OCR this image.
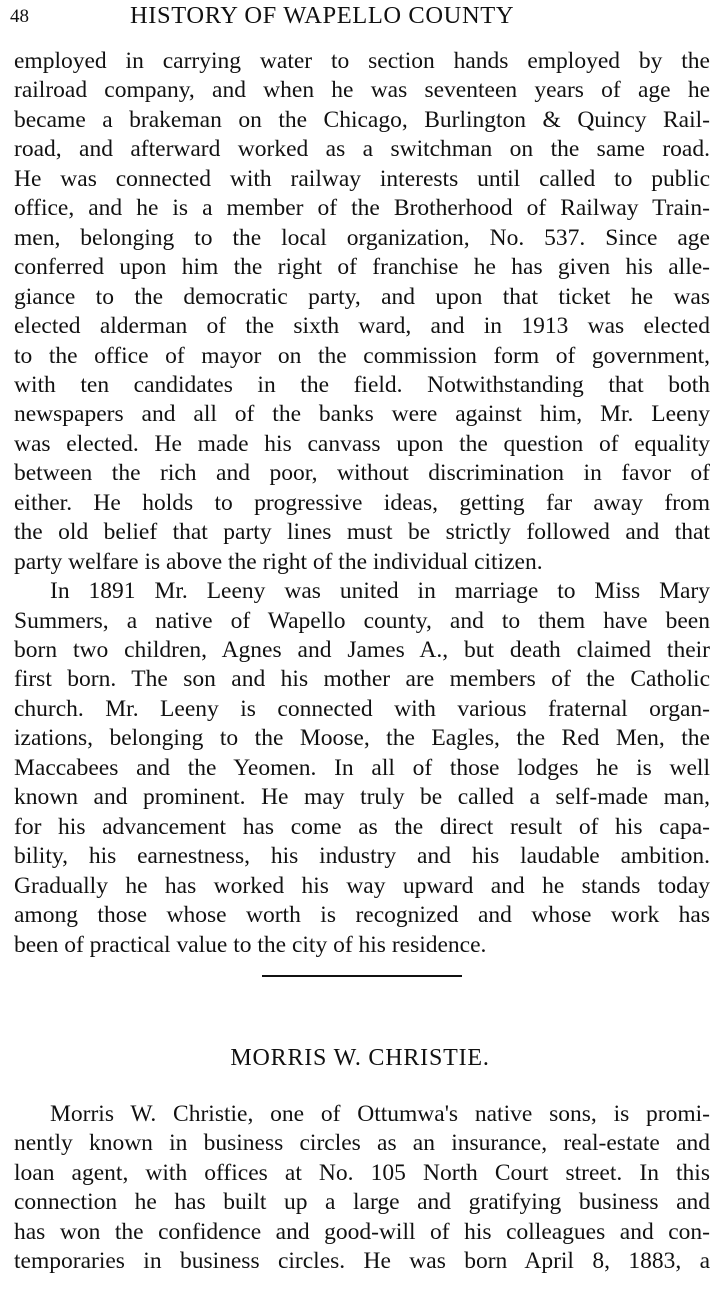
48	HISTORY OF WAPELLO COUNTY
employed in carrying water to section hands employed by the
railroad company, and when he was seventeen years of age he
became a brakeman on the Chicago, Burlington & Quincy Rail-
road, and afterward worked as a switchman on the same road.
He was connected with railway interests until called to public
office, and he is a member of the Brotherhood of Railway Train-
men, belonging to the local organization, No. 537. Since age
conferred upon him the right of franchise he has given his alle-
giance to the democratic party, and upon that ticket he was
elected alderman of the sixth ward, and in 1913 was elected
to the office of mayor on the commission form of government,
with ten candidates in the field. Notwithstanding that both
newspapers and all of the banks were against him, Mr. Leeny
was elected. He made his canvass upon the question of equality
between the rich and poor, without discrimination in favor of
either. He holds to progressive ideas, getting far away from
the old belief that party lines must be strictly followed and that
party welfare is above the right of the individual citizen.
In 1891 Mr. Leeny was united in marriage to Miss Mary
Summers, a native of Wapello county, and to them have been
born two children, Agnes and James A., but death claimed their
first born. The son and his mother are members of the Catholic
church. Mr. Leeny is connected with various fraternal organ-
izations, belonging to the Moose, the Eagles, the Red Men, the
Maccabees and the Yeomen. In all of those lodges he is well
known and prominent. He may truly be called a self-made man,
for his advancement has come as the direct result of his capa-
bility, his earnestness, his industry and his laudable ambition.
Gradually he has worked his way upward and he stands today
among those whose worth is recognized and whose work has
been of practical value to the city of his residence.
MORRIS W. CHRISTIE.
Morris W. Christie, one of Ottumwa's native sons, is promi-
nently known in business circles as an insurance, real-estate and
loan agent, with offices at No. 105 North Court street. In this
connection he has built up a large and gratifying business and
has won the confidence and good-will of his colleagues and con-
temporaries in business circles. He was born April 8, 1883, a
